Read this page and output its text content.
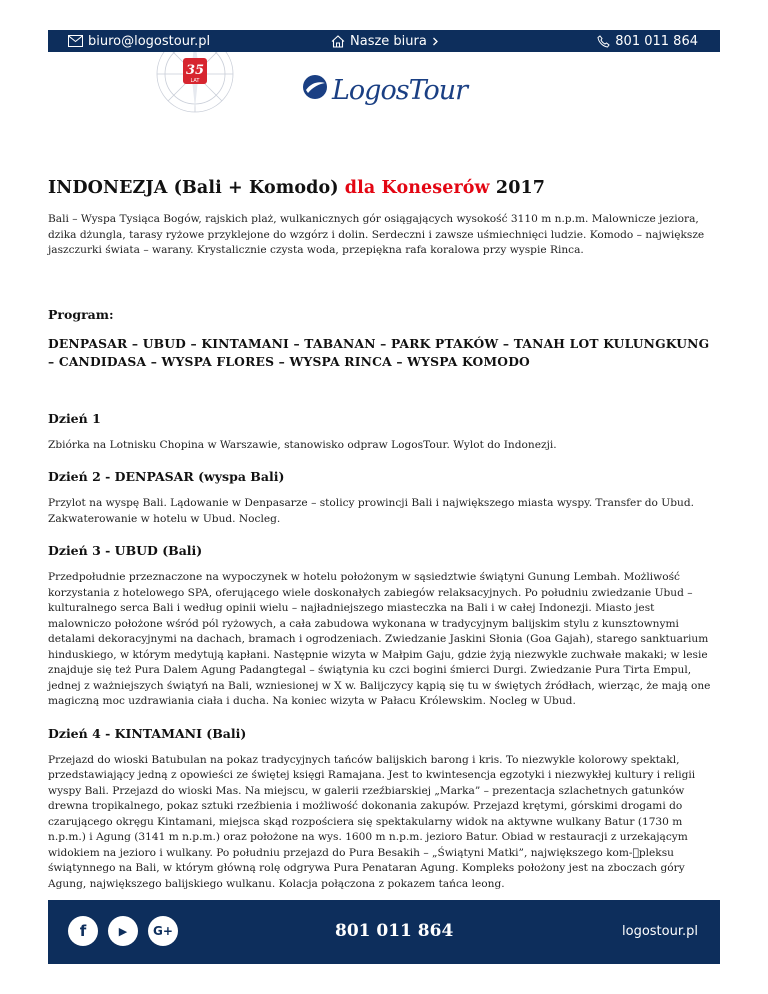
biuro@logostour.pl	Nasze biura	801 011 864
35
LAT	LogosTour
INDONEZJA (Bali + Komodo) dla Koneserów 2017

Bali – Wyspa Tysiąca Bogów, rajskich plaż, wulkanicznych gór osiągających wysokość 3110 m n.p.m. Malownicze jeziora, dzika dżungla, tarasy ryżowe przyklejone do wzgórz i dolin. Serdeczni i zawsze uśmiechnięci ludzie. Komodo – największe jaszczurki świata – warany. Krystalicznie czysta woda, przepiękna rafa koralowa przy wyspie Rinca.

Program:
DENPASAR – UBUD – KINTAMANI – TABANAN – PARK PTAKÓW – TANAH LOT KULUNGKUNG – CANDIDASA – WYSPA FLORES – WYSPA RINCA – WYSPA KOMODO
Dzień 1

Zbiórka na Lotnisku Chopina w Warszawie, stanowisko odpraw LogosTour. Wylot do Indonezji.

Dzień 2 - DENPASAR (wyspa Bali)

Przylot na wyspę Bali. Lądowanie w Denpasarze – stolicy prowincji Bali i największego miasta wyspy. Transfer do Ubud. Zakwaterowanie w hotelu w Ubud. Nocleg.

Dzień 3 - UBUD (Bali)

Przedpołudnie przeznaczone na wypoczynek w hotelu położonym w sąsiedztwie świątyni Gunung Lembah. Możliwość korzystania z hotelowego SPA, oferującego wiele doskonałych zabiegów relaksacyjnych. Po południu zwiedzanie Ubud – kulturalnego serca Bali i według opinii wielu – najładniejszego miasteczka na Bali i w całej Indonezji. Miasto jest malowniczo położone wśród pól ryżowych, a cała zabudowa wykonana w tradycyjnym balijskim stylu z kunsztownymi detalami dekoracyjnymi na dachach, bramach i ogrodzeniach. Zwiedzanie Jaskini Słonia (Goa Gajah), starego sanktuarium hinduskiego, w którym medytują kapłani. Następnie wizyta w Małpim Gaju, gdzie żyją niezwykle zuchwałe makaki; w lesie znajduje się też Pura Dalem Agung Padangtegal – świątynia ku czci bogini śmierci Durgi. Zwiedzanie Pura Tirta Empul, jednej z ważniejszych świątyń na Bali, wzniesionej w X w. Balijczycy kąpią się tu w świętych źródłach, wierząc, że mają one magiczną moc uzdrawiania ciała i ducha. Na koniec wizyta w Pałacu Królewskim. Nocleg w Ubud.

Dzień 4 - KINTAMANI (Bali)

Przejazd do wioski Batubulan na pokaz tradycyjnych tańców balijskich barong i kris. To niezwykle kolorowy spektakl, przedstawiający jedną z opowieści ze świętej księgi Ramajana. Jest to kwintesencja egzotyki i niezwykłej kultury i religii wyspy Bali. Przejazd do wioski Mas. Na miejscu, w galerii rzeźbiarskiej „Marka” – prezentacja szlachetnych gatunków drewna tropikalnego, pokaz sztuki rzeźbienia i możliwość dokonania zakupów. Przejazd krętymi, górskimi drogami do czarującego okręgu Kintamani, miejsca skąd rozpościera się spektakularny widok na aktywne wulkany Batur (1730 m n.p.m.) i Agung (3141 m n.p.m.) oraz położone na wys. 1600 m n.p.m. jezioro Batur. Obiad w restauracji z urzekającym widokiem na jezioro i wulkany. Po południu przejazd do Pura Besakih – „Świątyni Matki”, największego kom- pleksu świątynnego na Bali, w którym główną rolę odgrywa Pura Penataran Agung. Kompleks położony jest na zboczach góry Agung, największego balijskiego wulkanu. Kolacja połączona z pokazem tańca leong.

f	▶	G+	801 011 864	logostour.pl
